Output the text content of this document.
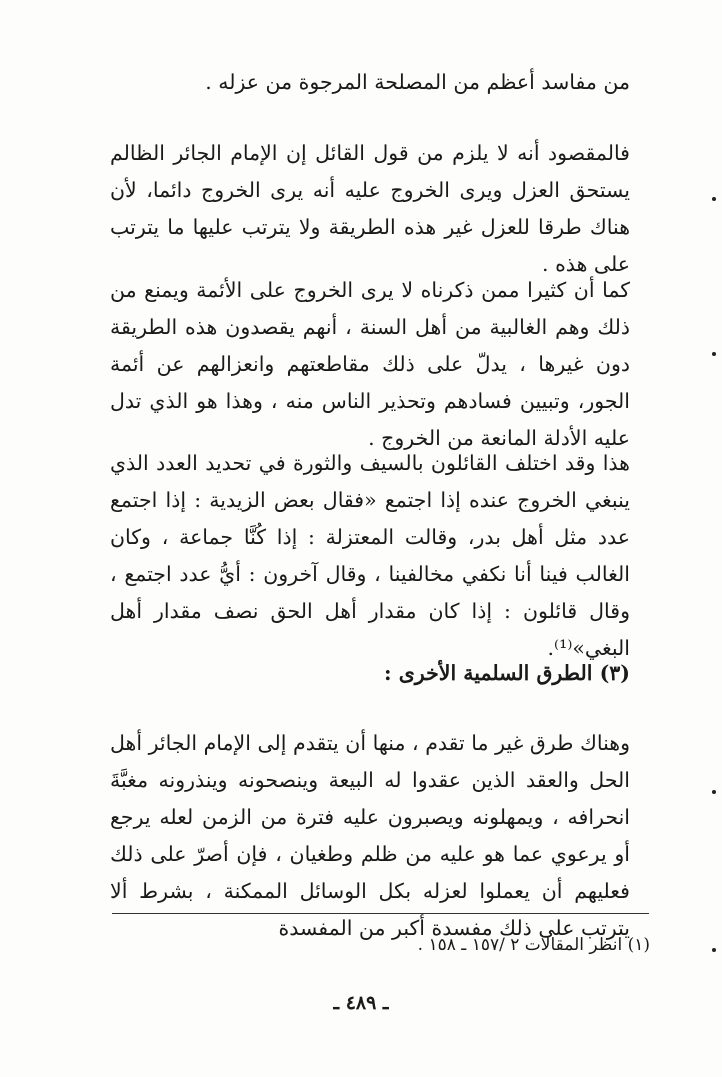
من مفاسد أعظم من المصلحة المرجوة من عزله .

فالمقصود أنه لا يلزم من قول القائل إن الإمام الجائر الظالم يستحق العزل ويرى الخروج عليه أنه يرى الخروج دائما، لأن هناك طرقا للعزل غير هذه الطريقة ولا يترتب عليها ما يترتب على هذه .

كما أن كثيرا ممن ذكرناه لا يرى الخروج على الأئمة ويمنع من ذلك وهم الغالبية من أهل السنة ، أنهم يقصدون هذه الطريقة دون غيرها ، يدلّ على ذلك مقاطعتهم وانعزالهم عن أئمة الجور، وتبيين فسادهم وتحذير الناس منه ، وهذا هو الذي تدل عليه الأدلة المانعة من الخروج .

هذا وقد اختلف القائلون بالسيف والثورة في تحديد العدد الذي ينبغي الخروج عنده إذا اجتمع «فقال بعض الزيدية : إذا اجتمع عدد مثل أهل بدر، وقالت المعتزلة : إذا كُنَّا جماعة ، وكان الغالب فينا أنا نكفي مخالفينا ، وقال آخرون : أيُّ عدد اجتمع ، وقال قائلون : إذا كان مقدار أهل الحق نصف مقدار أهل البغي»⁽¹⁾.

(٣) الطرق السلمية الأخرى :

وهناك طرق غير ما تقدم ، منها أن يتقدم إلى الإمام الجائر أهل الحل والعقد الذين عقدوا له البيعة وينصحونه وينذرونه مغبَّةَ انحرافه ، ويمهلونه ويصبرون عليه فترة من الزمن لعله يرجع أو يرعوي عما هو عليه من ظلم وطغيان ، فإن أصرّ على ذلك فعليهم أن يعملوا لعزله بكل الوسائل الممكنة ، بشرط ألا يترتب على ذلك مفسدة أكبر من المفسدة

(١) انظر المقالات ٢ /١٥٧ ـ ١٥٨ .
ـ ٤٨٩ ـ
